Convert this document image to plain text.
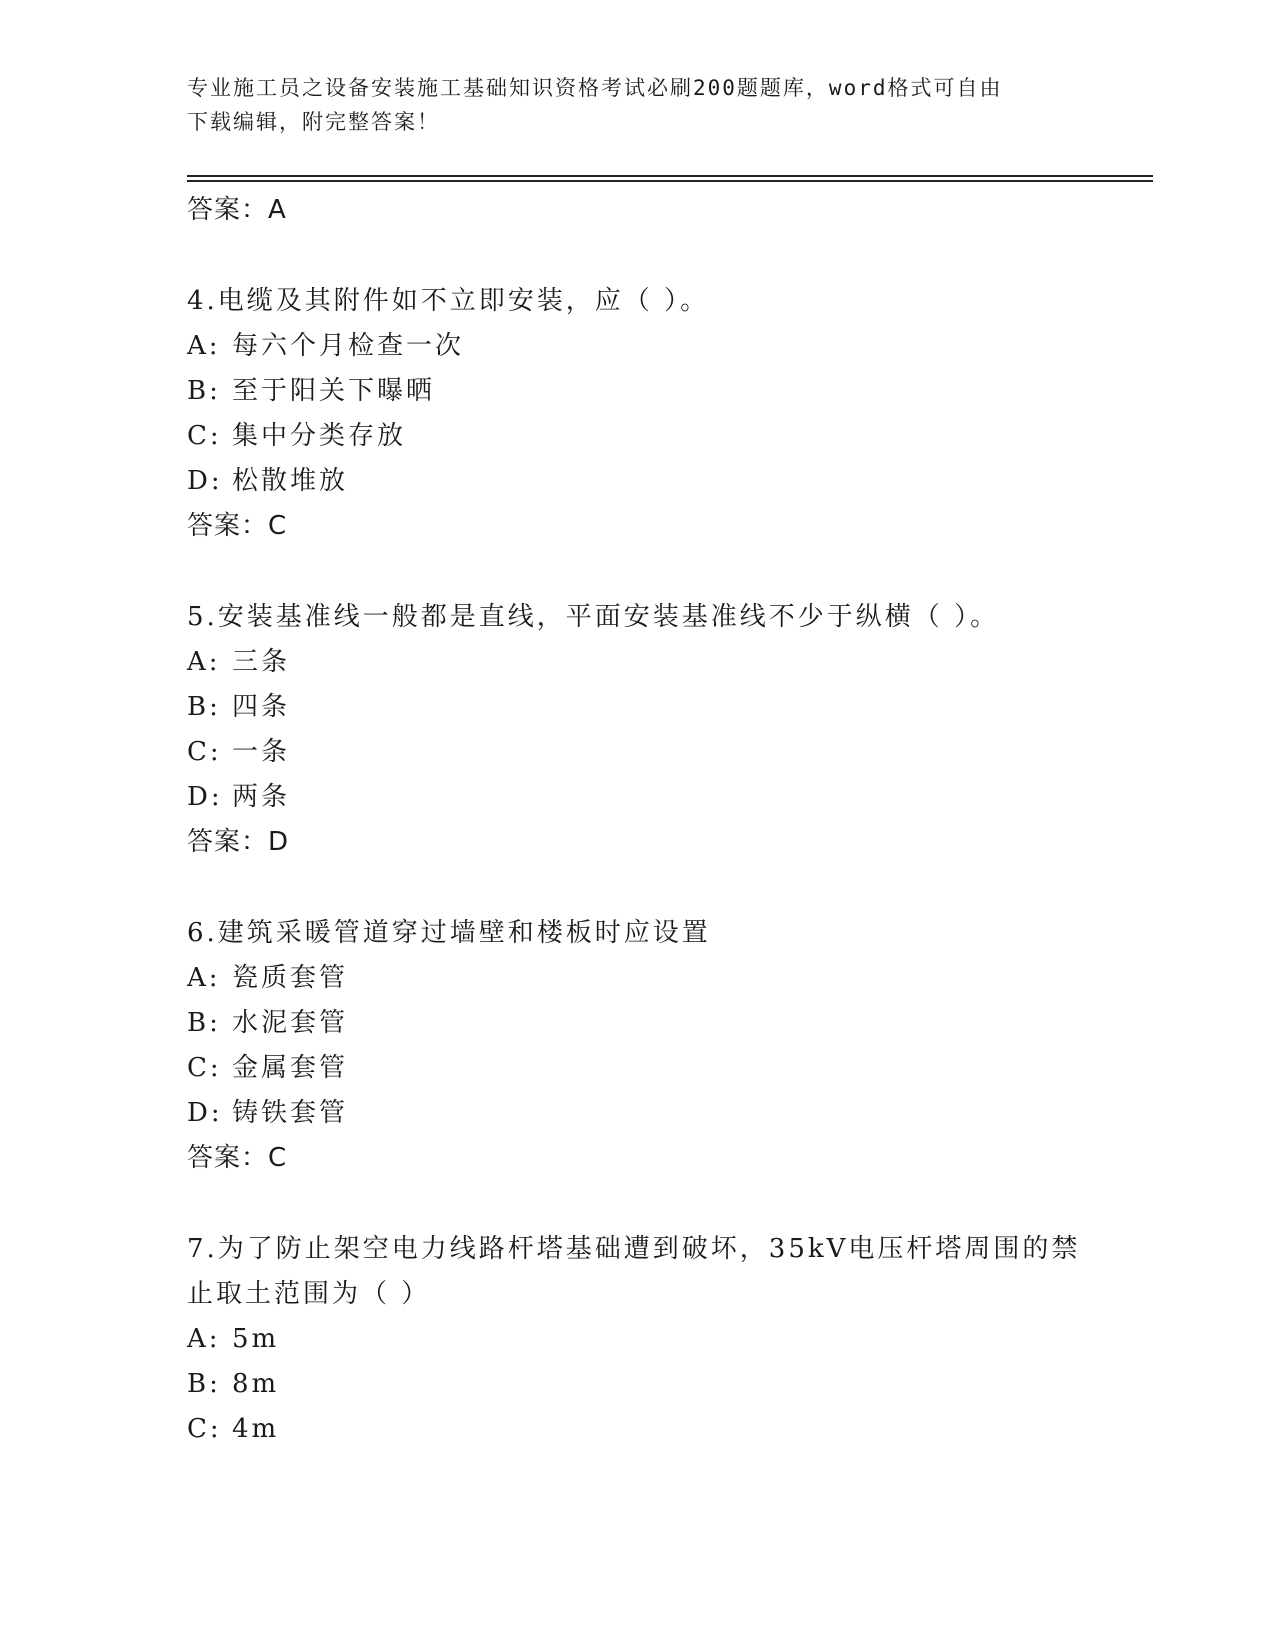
专业施工员之设备安装施工基础知识资格考试必刷200题题库，word格式可自由
下载编辑，附完整答案！
答案：A
4.电缆及其附件如不立即安装，应（ ）。
A: 每六个月检查一次
B: 至于阳关下曝晒
C: 集中分类存放
D: 松散堆放
答案：C
5.安装基准线一般都是直线，平面安装基准线不少于纵横（ ）。
A: 三条
B: 四条
C: 一条
D: 两条
答案：D
6.建筑采暖管道穿过墙壁和楼板时应设置
A: 瓷质套管
B: 水泥套管
C: 金属套管
D: 铸铁套管
答案：C
7.为了防止架空电力线路杆塔基础遭到破坏，35kV电压杆塔周围的禁
止取土范围为（ ）
A: 5m
B: 8m
C: 4m
